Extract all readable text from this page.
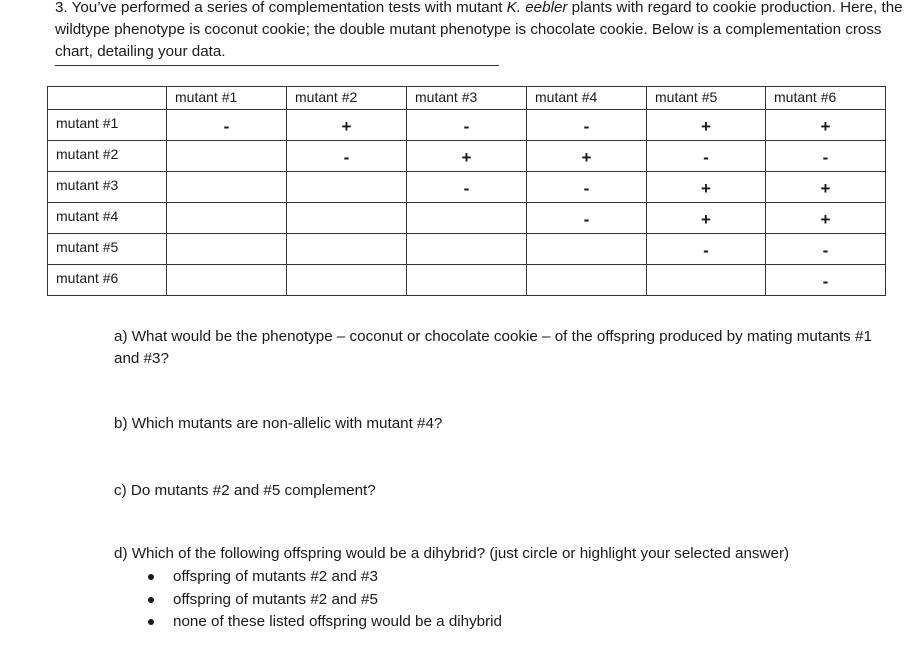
3. You’ve performed a series of complementation tests with mutant K. eebler plants with regard to cookie production. Here, the wildtype phenotype is coconut cookie; the double mutant phenotype is chocolate cookie. Below is a complementation cross chart, detailing your data.

	mutant #1	mutant #2	mutant #3	mutant #4	mutant #5	mutant #6
mutant #1	-	+	-	-	+	+
mutant #2		-	+	+	-	-
mutant #3			-	-	+	+
mutant #4				-	+	+
mutant #5					-	-
mutant #6						-

a) What would be the phenotype – coconut or chocolate cookie – of the offspring produced by mating mutants #1 and #3?

b) Which mutants are non-allelic with mutant #4?

c) Do mutants #2 and #5 complement?

d) Which of the following offspring would be a dihybrid? (just circle or highlight your selected answer)

offspring of mutants #2 and #3
offspring of mutants #2 and #5
none of these listed offspring would be a dihybrid
